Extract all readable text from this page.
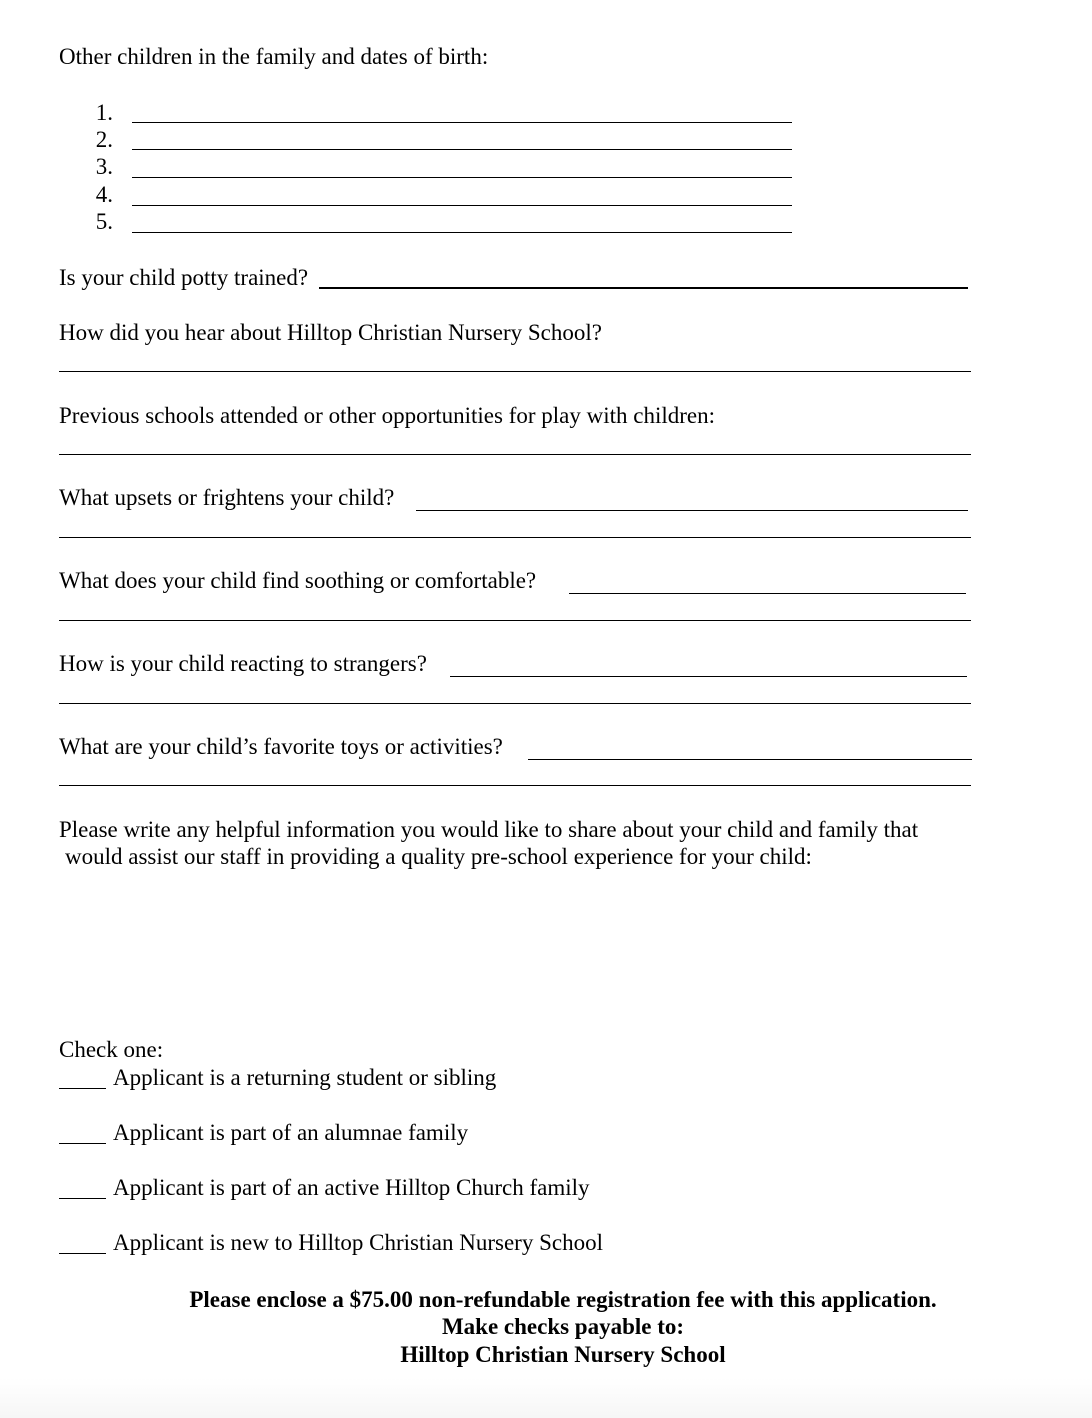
Other children in the family and dates of birth:
1.
2.
3.
4.
5.
Is your child potty trained?
How did you hear about Hilltop Christian Nursery School?
Previous schools attended or other opportunities for play with children:
What upsets or frightens your child?
What does your child find soothing or comfortable?
How is your child reacting to strangers?
What are your child’s favorite toys or activities?
Please write any helpful information you would like to share about your child and family that
would assist our staff in providing a quality pre-school experience for your child:
Check one:
Applicant is a returning student or sibling
Applicant is part of an alumnae family
Applicant is part of an active Hilltop Church family
Applicant is new to Hilltop Christian Nursery School
Please enclose a $75.00 non-refundable registration fee with this application.
Make checks payable to:
Hilltop Christian Nursery School
